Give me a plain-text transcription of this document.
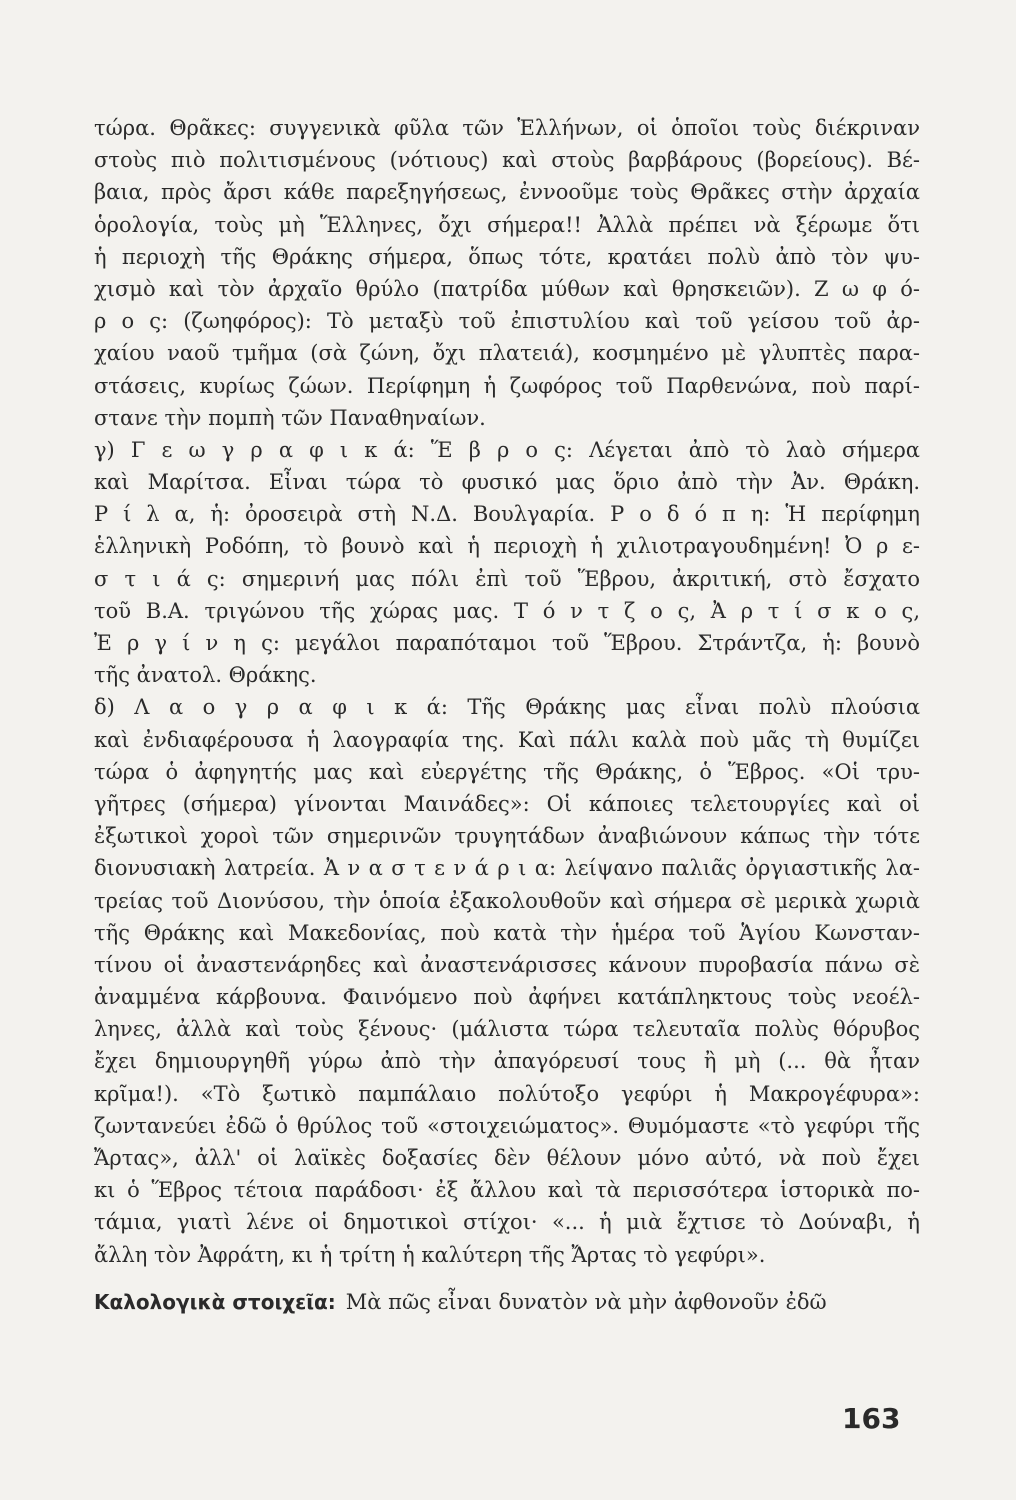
τώρα. Θρᾶκες: συγγενικὰ φῦλα τῶν Ἑλλήνων, οἱ ὁποῖοι τοὺς διέκριναν
στοὺς πιὸ πολιτισμένους (νότιους) καὶ στοὺς βαρβάρους (βορείους). Βέ-
βαια, πρὸς ἄρσι κάθε παρεξηγήσεως, ἐννοοῦμε τοὺς Θρᾶκες στὴν ἀρχαία
ὁρολογία, τοὺς μὴ Ἕλληνες, ὄχι σήμερα!! Ἀλλὰ πρέπει νὰ ξέρωμε ὅτι
ἡ περιοχὴ τῆς Θράκης σήμερα, ὅπως τότε, κρατάει πολὺ ἀπὸ τὸν ψυ-
χισμὸ καὶ τὸν ἀρχαῖο θρύλο (πατρίδα μύθων καὶ θρησκειῶν). Ζ ω φ ό-
ρ ο ς: (ζωηφόρος): Τὸ μεταξὺ τοῦ ἐπιστυλίου καὶ τοῦ γείσου τοῦ ἀρ-
χαίου ναοῦ τμῆμα (σὰ ζώνη, ὄχι πλατειά), κοσμημένο μὲ γλυπτὲς παρα-
στάσεις, κυρίως ζώων. Περίφημη ἡ ζωφόρος τοῦ Παρθενώνα, ποὺ παρί-
στανε τὴν πομπὴ τῶν Παναθηναίων.
γ) Γ ε ω γ ρ α φ ι κ ά: Ἕ β ρ ο ς: Λέγεται ἀπὸ τὸ λαὸ σήμερα
καὶ Μαρίτσα. Εἶναι τώρα τὸ φυσικό μας ὅριο ἀπὸ τὴν Ἀν. Θράκη.
Ρ ί λ α, ἡ: ὀροσειρὰ στὴ Ν.Δ. Βουλγαρία. Ρ ο δ ό π η: Ἡ περίφημη
ἑλληνικὴ Ροδόπη, τὸ βουνὸ καὶ ἡ περιοχὴ ἡ χιλιοτραγουδημένη! Ὀ ρ ε-
σ τ ι ά ς: σημερινή μας πόλι ἐπὶ τοῦ Ἕβρου, ἀκριτική, στὸ ἔσχατο
τοῦ Β.Α. τριγώνου τῆς χώρας μας. Τ ό ν τ ζ ο ς, Ἀ ρ τ ί σ κ ο ς,
Ἐ ρ γ ί ν η ς: μεγάλοι παραπόταμοι τοῦ Ἕβρου. Στράντζα, ἡ: βουνὸ
τῆς ἀνατολ. Θράκης.
δ) Λ α ο γ ρ α φ ι κ ά: Τῆς Θράκης μας εἶναι πολὺ πλούσια
καὶ ἐνδιαφέρουσα ἡ λαογραφία της. Καὶ πάλι καλὰ ποὺ μᾶς τὴ θυμίζει
τώρα ὁ ἀφηγητής μας καὶ εὐεργέτης τῆς Θράκης, ὁ Ἕβρος. «Οἱ τρυ-
γῆτρες (σήμερα) γίνονται Μαινάδες»: Οἱ κάποιες τελετουργίες καὶ οἱ
ἐξωτικοὶ χοροὶ τῶν σημερινῶν τρυγητάδων ἀναβιώνουν κάπως τὴν τότε
διονυσιακὴ λατρεία. Ἀ ν α σ τ ε ν ά ρ ι α: λείψανο παλιᾶς ὀργιαστικῆς λα-
τρείας τοῦ Διονύσου, τὴν ὁποία ἐξακολουθοῦν καὶ σήμερα σὲ μερικὰ χωριὰ
τῆς Θράκης καὶ Μακεδονίας, ποὺ κατὰ τὴν ἡμέρα τοῦ Ἁγίου Κωνσταν-
τίνου οἱ ἀναστενάρηδες καὶ ἀναστενάρισσες κάνουν πυροβασία πάνω σὲ
ἀναμμένα κάρβουνα. Φαινόμενο ποὺ ἀφήνει κατάπληκτους τοὺς νεοέλ-
ληνες, ἀλλὰ καὶ τοὺς ξένους· (μάλιστα τώρα τελευταῖα πολὺς θόρυβος
ἔχει δημιουργηθῆ γύρω ἀπὸ τὴν ἀπαγόρευσί τους ἢ μὴ (... θὰ ἦταν
κρῖμα!). «Τὸ ξωτικὸ παμπάλαιο πολύτοξο γεφύρι ἡ Μακρογέφυρα»:
ζωντανεύει ἐδῶ ὁ θρύλος τοῦ «στοιχειώματος». Θυμόμαστε «τὸ γεφύρι τῆς
Ἄρτας», ἀλλ' οἱ λαϊκὲς δοξασίες δὲν θέλουν μόνο αὐτό, νὰ ποὺ ἔχει
κι ὁ Ἕβρος τέτοια παράδοσι· ἐξ ἄλλου καὶ τὰ περισσότερα ἱστορικὰ πο-
τάμια, γιατὶ λένε οἱ δημοτικοὶ στίχοι· «... ἡ μιὰ ἔχτισε τὸ Δούναβι, ἡ
ἄλλη τὸν Ἀφράτη, κι ἡ τρίτη ἡ καλύτερη τῆς Ἄρτας τὸ γεφύρι».
Καλολογικὰ στοιχεῖα: Μὰ πῶς εἶναι δυνατὸν νὰ μὴν ἀφθονοῦν ἐδῶ
163
